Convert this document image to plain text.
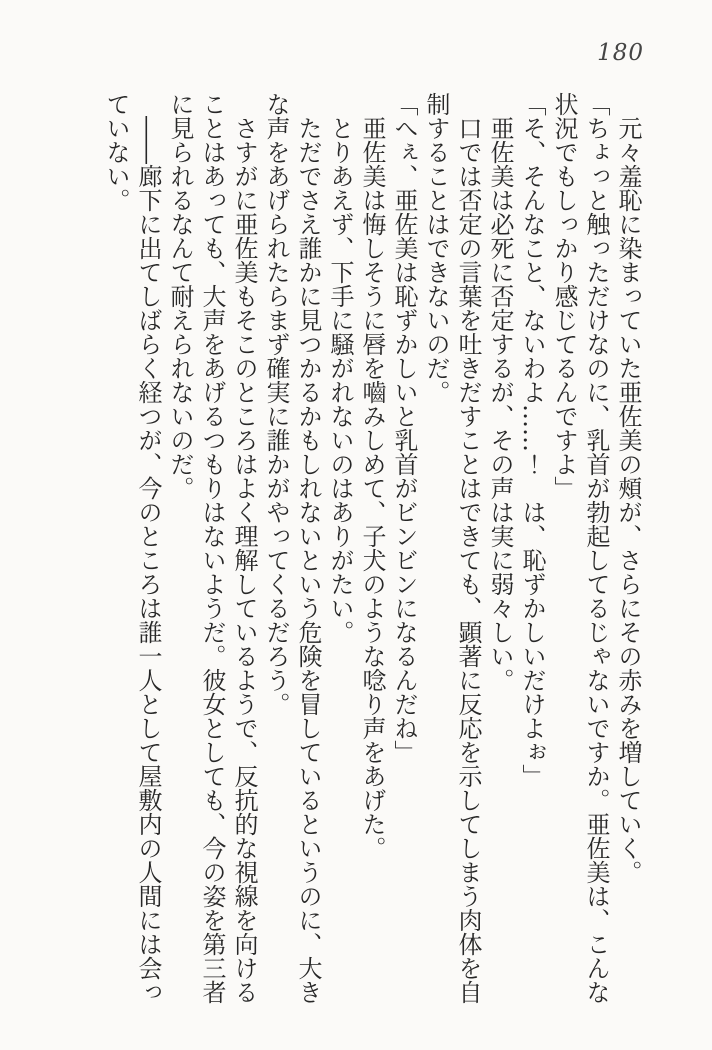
180

元々羞恥に染まっていた亜佐美の頰が、さらにその赤みを増していく。

「ちょっと触っただけなのに、乳首が勃起してるじゃないですか。亜佐美は、こんな状況でもしっかり感じてるんですよ」

「そ、そんなこと、ないわよ……！　は、恥ずかしいだけよぉ」

亜佐美は必死に否定するが、その声は実に弱々しい。

口では否定の言葉を吐きだすことはできても、顕著に反応を示してしまう肉体を自制することはできないのだ。

「へぇ、亜佐美は恥ずかしいと乳首がビンビンになるんだね」

亜佐美は悔しそうに唇を嚙みしめて、子犬のような唸り声をあげた。

とりあえず、下手に騒がれないのはありがたい。

ただでさえ誰かに見つかるかもしれないという危険を冒しているというのに、大きな声をあげられたらまず確実に誰かがやってくるだろう。

さすがに亜佐美もそこのところはよく理解しているようで、反抗的な視線を向けることはあっても、大声をあげるつもりはないようだ。彼女としても、今の姿を第三者に見られるなんて耐えられないのだ。

――廊下に出てしばらく経つが、今のところは誰一人として屋敷内の人間には会っていない。
